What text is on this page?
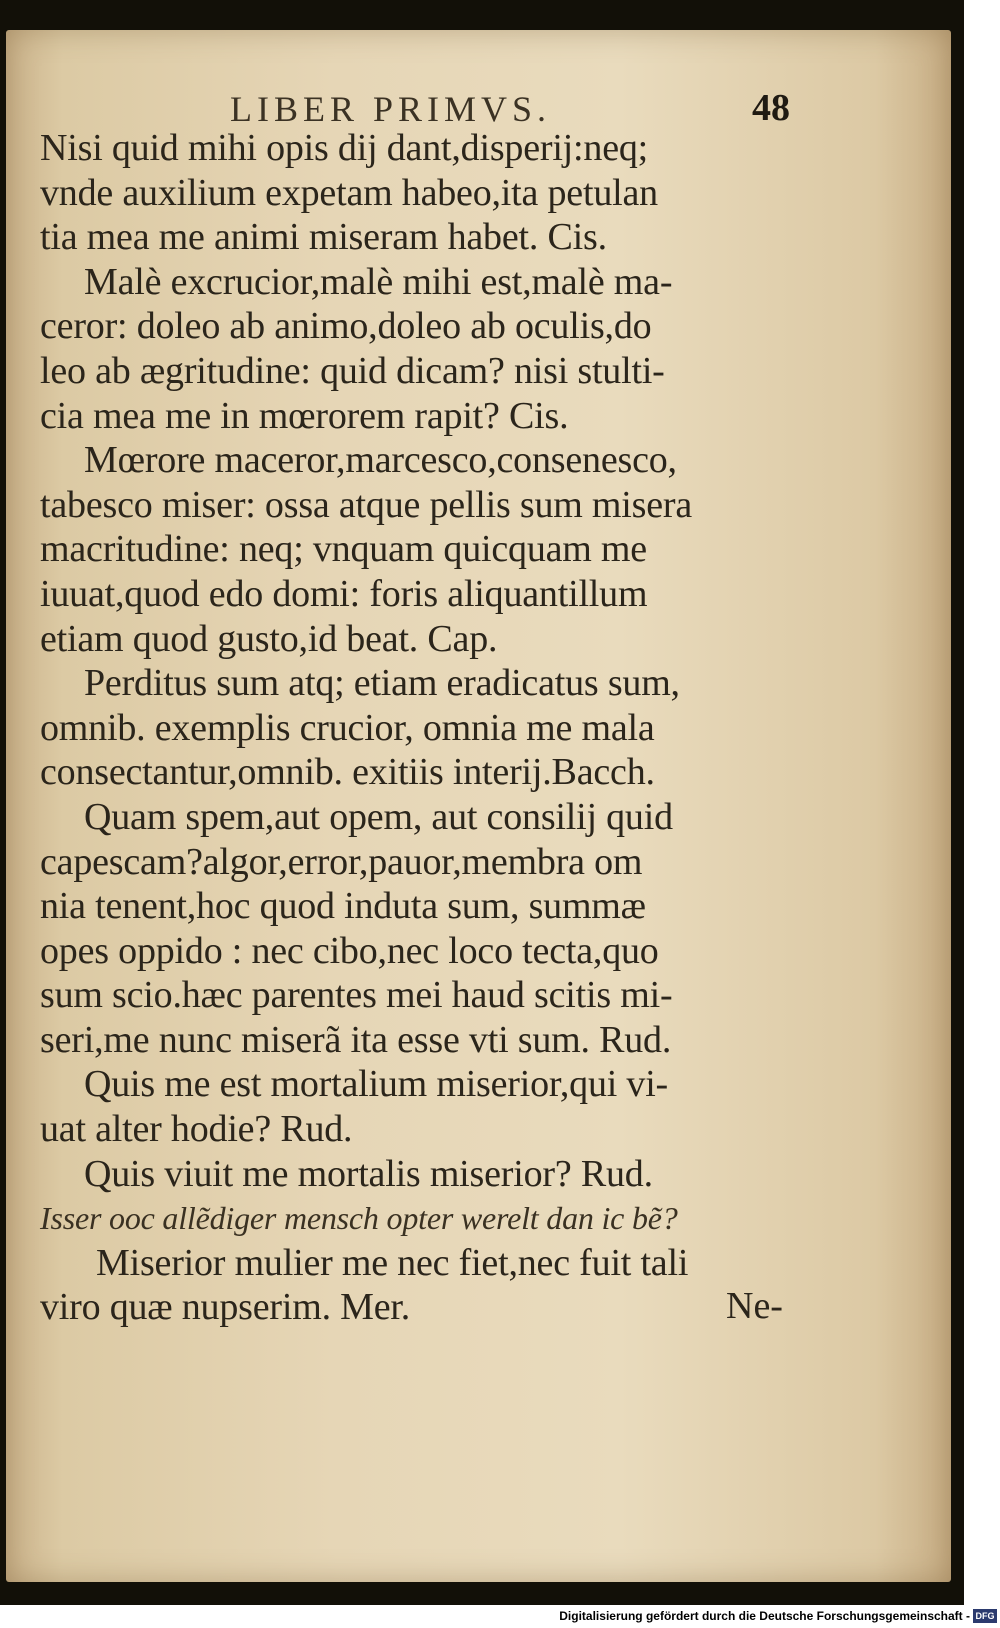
LIBER PRIMVS.	48
Nisi quid mihi opis dij dant,disperij:neq;
vnde auxilium expetam habeo,ita petulan
tia mea me animi miseram habet. Cis.
Malè excrucior,malè mihi est,malè ma-
ceror: doleo ab animo,doleo ab oculis,do
leo ab ægritudine: quid dicam? nisi stulti-
cia mea me in mœrorem rapit? Cis.
Mœrore maceror,marcesco,consenesco,
tabesco miser: ossa atque pellis sum misera
macritudine: neq; vnquam quicquam me
iuuat,quod edo domi: foris aliquantillum
etiam quod gusto,id beat. Cap.
Perditus sum atq; etiam eradicatus sum,
omnib. exemplis crucior, omnia me mala
consectantur,omnib. exitiis interij.Bacch.
Quam spem,aut opem, aut consilij quid
capescam?algor,error,pauor,membra om
nia tenent,hoc quod induta sum, summæ
opes oppido : nec cibo,nec loco tecta,quo
sum scio.hæc parentes mei haud scitis mi-
seri,me nunc miserã ita esse vti sum. Rud.
Quis me est mortalium miserior,qui vi-
uat alter hodie? Rud.
Quis viuit me mortalis miserior? Rud.
Isser ooc allẽdiger mensch opter werelt dan ic bẽ?
Miserior mulier me nec fiet,nec fuit tali
viro quæ nupserim. Mer.	Ne-
Digitalisierung gefördert durch die Deutsche Forschungsgemeinschaft - DFG
